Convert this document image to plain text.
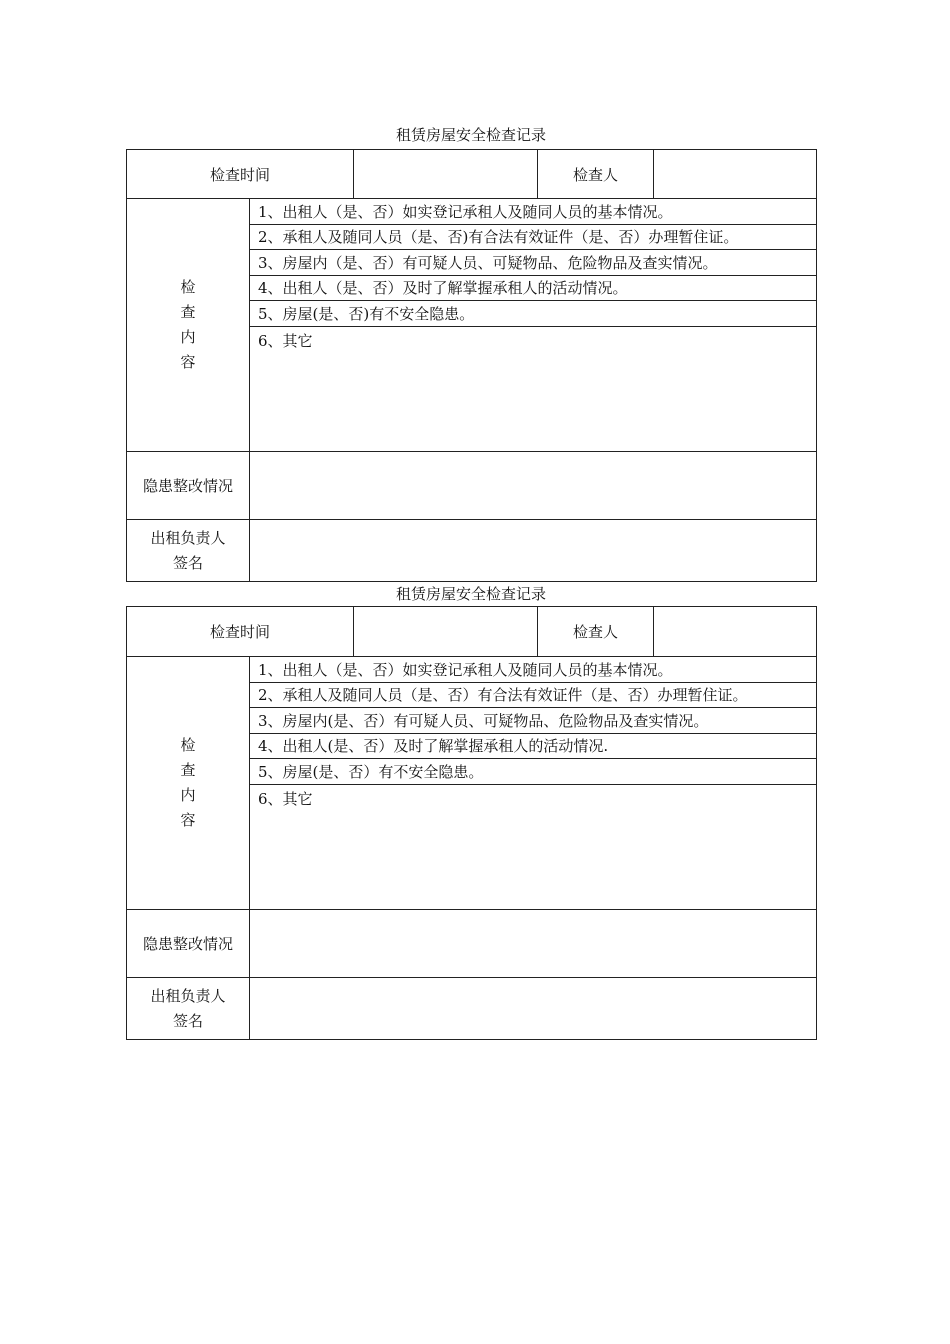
租赁房屋安全检查记录
检查时间			检查人	
检查内容	1、出租人（是、否）如实登记承租人及随同人员的基本情况。			
	2、承租人及随同人员（是、否)有合法有效证件（是、否）办理暂住证。			
	3、房屋内（是、否）有可疑人员、可疑物品、危险物品及查实情况。			
	4、出租人（是、否）及时了解掌握承租人的活动情况。			
	5、房屋(是、否)有不安全隐患。			
	6、其它			
隐患整改情况				
出租负责人
签名				
租赁房屋安全检查记录
检查时间			检查人	
检查内容	1、出租人（是、否）如实登记承租人及随同人员的基本情况。			
	2、承租人及随同人员（是、否）有合法有效证件（是、否）办理暂住证。			
	3、房屋内(是、否）有可疑人员、可疑物品、危险物品及查实情况。			
	4、出租人(是、否）及时了解掌握承租人的活动情况.			
	5、房屋(是、否）有不安全隐患。			
	6、其它			
隐患整改情况				
出租负责人
签名				
